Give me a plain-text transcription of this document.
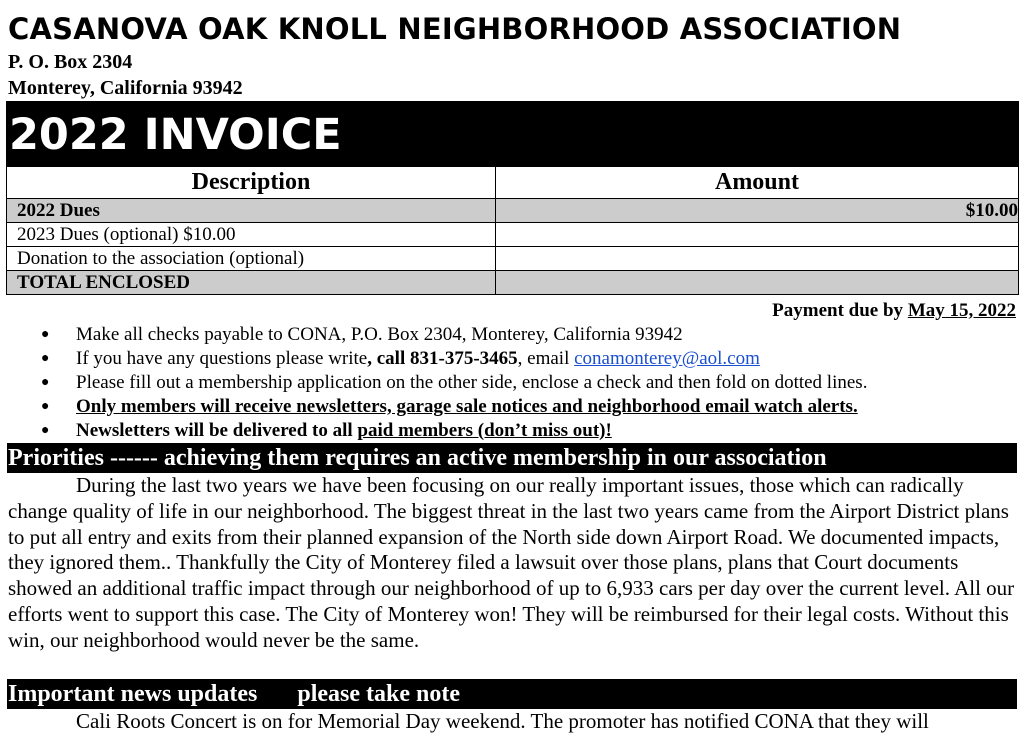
CASANOVA OAK KNOLL NEIGHBORHOOD ASSOCIATION
P. O. Box 2304
Monterey, California 93942
2022 INVOICE
Description	Amount
2022 Dues	$10.00
2023 Dues (optional) $10.00	
Donation to the association (optional)	
TOTAL ENCLOSED	
Payment due by May 15, 2022
● Make all checks payable to CONA, P.O. Box 2304, Monterey, California 93942
● If you have any questions please write, call 831-375-3465, email conamonterey@aol.com
● Please fill out a membership application on the other side, enclose a check and then fold on dotted lines.
● Only members will receive newsletters, garage sale notices and neighborhood email watch alerts.
● Newsletters will be delivered to all paid members (don’t miss out)!
Priorities ------ achieving them requires an active membership in our association

During the last two years we have been focusing on our really important issues, those which can radically change quality of life in our neighborhood. The biggest threat in the last two years came from the Airport District plans to put all entry and exits from their planned expansion of the North side down Airport Road. We documented impacts, they ignored them.. Thankfully the City of Monterey filed a lawsuit over those plans, plans that Court documents showed an additional traffic impact through our neighborhood of up to 6,933 cars per day over the current level. All our efforts went to support this case. The City of Monterey won! They will be reimbursed for their legal costs. Without this win, our neighborhood would never be the same.

Important news updates please take note

Cali Roots Concert is on for Memorial Day weekend. The promoter has notified CONA that they will
